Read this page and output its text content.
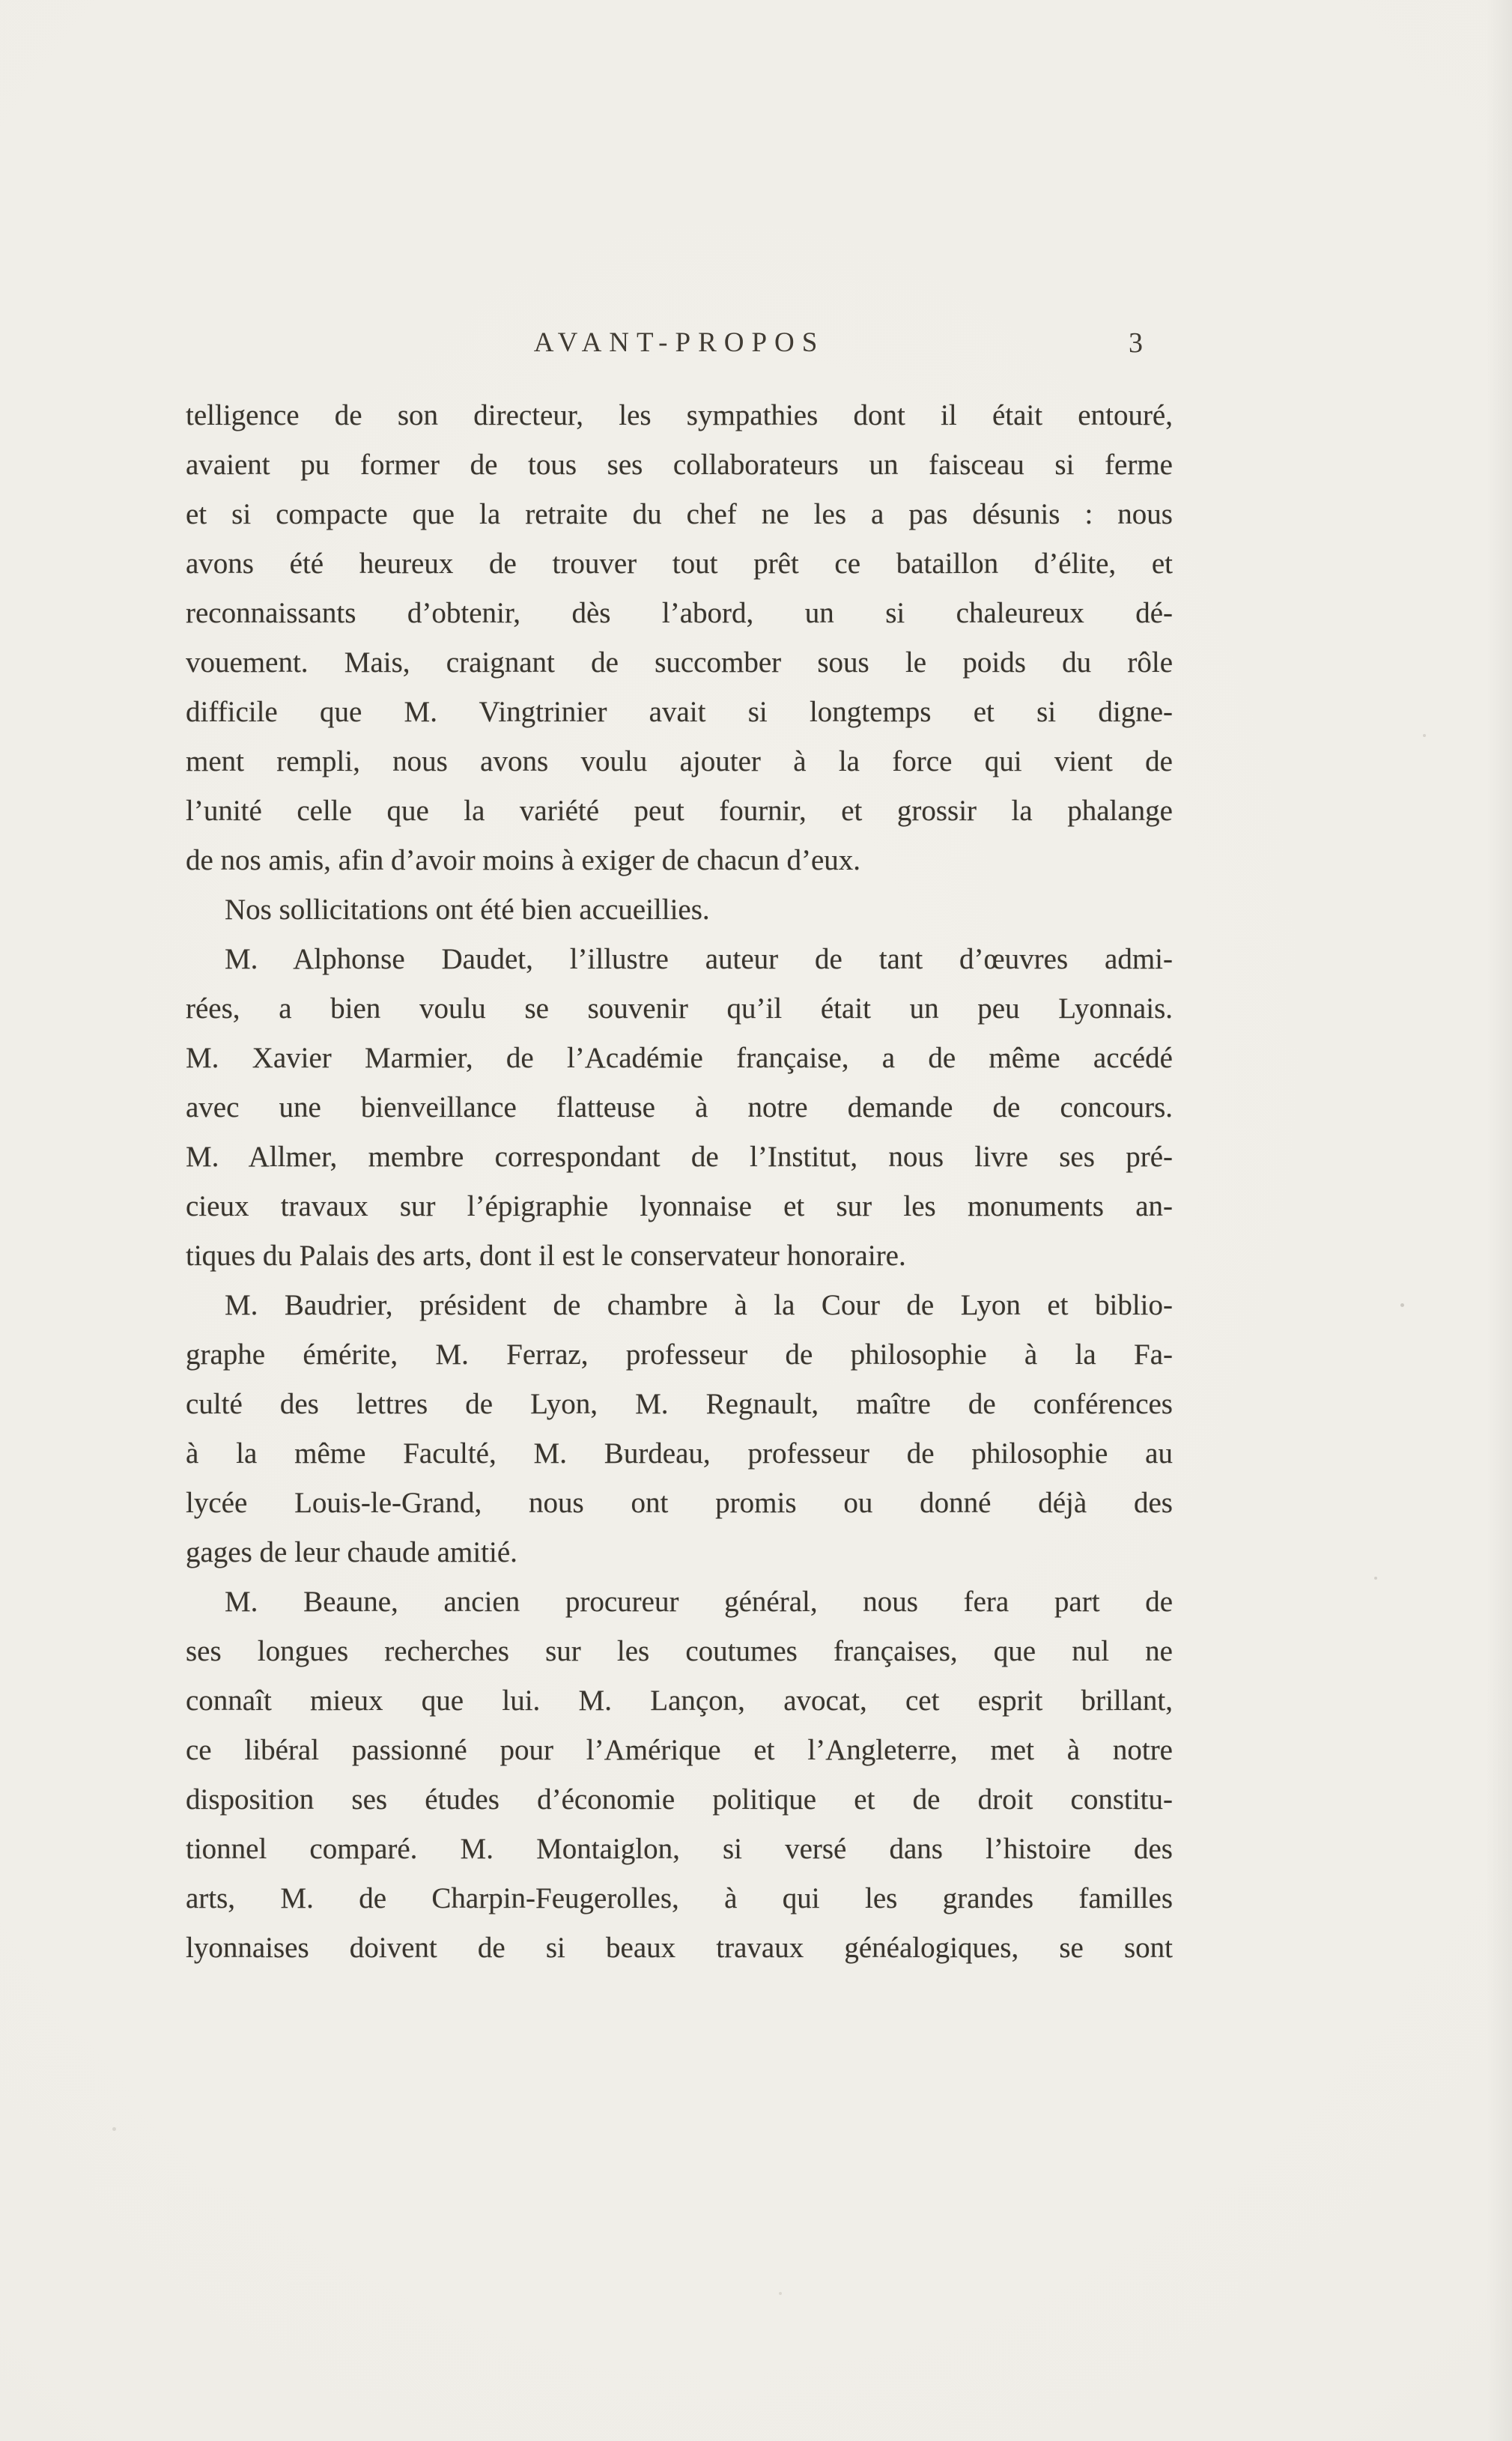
AVANT-PROPOS	3
telligence de son directeur, les sympathies dont il était entouré,
avaient pu former de tous ses collaborateurs un faisceau si ferme
et si compacte que la retraite du chef ne les a pas désunis : nous
avons été heureux de trouver tout prêt ce bataillon d’élite, et
reconnaissants d’obtenir, dès l’abord, un si chaleureux dé-
vouement. Mais, craignant de succomber sous le poids du rôle
difficile que M. Vingtrinier avait si longtemps et si digne-
ment rempli, nous avons voulu ajouter à la force qui vient de
l’unité celle que la variété peut fournir, et grossir la phalange
de nos amis, afin d’avoir moins à exiger de chacun d’eux.
Nos sollicitations ont été bien accueillies.
M. Alphonse Daudet, l’illustre auteur de tant d’œuvres admi-
rées, a bien voulu se souvenir qu’il était un peu Lyonnais.
M. Xavier Marmier, de l’Académie française, a de même accédé
avec une bienveillance flatteuse à notre demande de concours.
M. Allmer, membre correspondant de l’Institut, nous livre ses pré-
cieux travaux sur l’épigraphie lyonnaise et sur les monuments an-
tiques du Palais des arts, dont il est le conservateur honoraire.
M. Baudrier, président de chambre à la Cour de Lyon et biblio-
graphe émérite, M. Ferraz, professeur de philosophie à la Fa-
culté des lettres de Lyon, M. Regnault, maître de conférences
à la même Faculté, M. Burdeau, professeur de philosophie au
lycée Louis-le-Grand, nous ont promis ou donné déjà des
gages de leur chaude amitié.
M. Beaune, ancien procureur général, nous fera part de
ses longues recherches sur les coutumes françaises, que nul ne
connaît mieux que lui. M. Lançon, avocat, cet esprit brillant,
ce libéral passionné pour l’Amérique et l’Angleterre, met à notre
disposition ses études d’économie politique et de droit constitu-
tionnel comparé. M. Montaiglon, si versé dans l’histoire des
arts, M. de Charpin-Feugerolles, à qui les grandes familles
lyonnaises doivent de si beaux travaux généalogiques, se sont
